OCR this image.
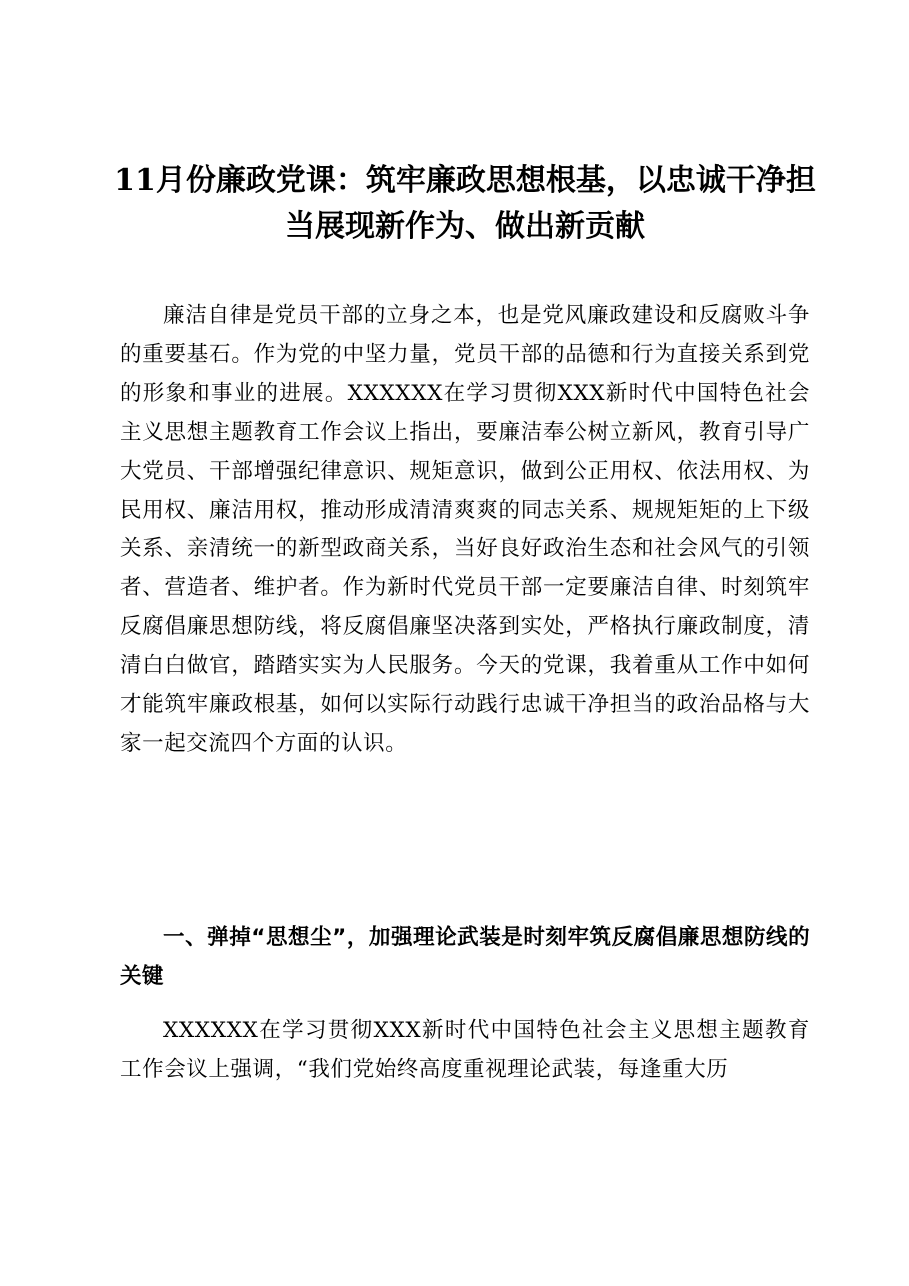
11月份廉政党课：筑牢廉政思想根基，以忠诚干净担当展现新作为、做出新贡献

廉洁自律是党员干部的立身之本，也是党风廉政建设和反腐败斗争的重要基石。作为党的中坚力量，党员干部的品德和行为直接关系到党的形象和事业的进展。XXXXXX在学习贯彻XXX新时代中国特色社会主义思想主题教育工作会议上指出，要廉洁奉公树立新风，教育引导广大党员、干部增强纪律意识、规矩意识，做到公正用权、依法用权、为民用权、廉洁用权，推动形成清清爽爽的同志关系、规规矩矩的上下级关系、亲清统一的新型政商关系，当好良好政治生态和社会风气的引领者、营造者、维护者。作为新时代党员干部一定要廉洁自律、时刻筑牢反腐倡廉思想防线，将反腐倡廉坚决落到实处，严格执行廉政制度，清清白白做官，踏踏实实为人民服务。今天的党课，我着重从工作中如何才能筑牢廉政根基，如何以实际行动践行忠诚干净担当的政治品格与大家一起交流四个方面的认识。

一、弹掉“思想尘”，加强理论武装是时刻牢筑反腐倡廉思想防线的关键

XXXXXX在学习贯彻XXX新时代中国特色社会主义思想主题教育工作会议上强调，“我们党始终高度重视理论武装，每逢重大历
